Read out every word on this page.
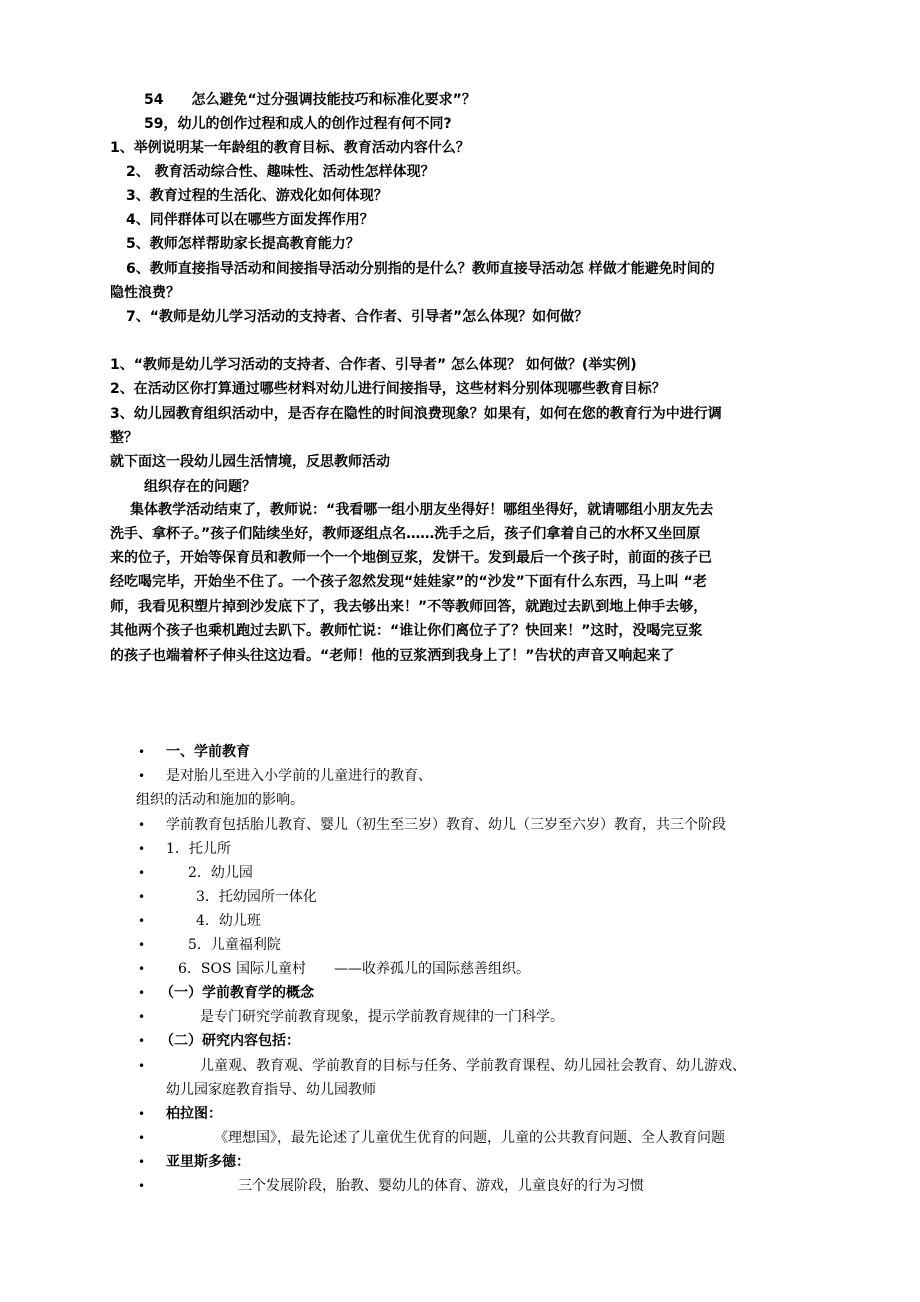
54　　怎么避免“过分强调技能技巧和标准化要求”？
59，幼儿的创作过程和成人的创作过程有何不同?
1、举例说明某一年龄组的教育目标、教育活动内容什么？
2、 教育活动综合性、趣味性、活动性怎样体现？
3、教育过程的生活化、游戏化如何体现？
4、同伴群体可以在哪些方面发挥作用？
5、教师怎样帮助家长提高教育能力？
6、教师直接指导活动和间接指导活动分别指的是什么？教师直接导活动怎 样做才能避免时间的
隐性浪费？
7、“教师是幼儿学习活动的支持者、合作者、引导者”怎么体现？如何做？
1、“教师是幼儿学习活动的支持者、合作者、引导者” 怎么体现？ 如何做？(举实例)
2、在活动区你打算通过哪些材料对幼儿进行间接指导，这些材料分别体现哪些教育目标？
3、幼儿园教育组织活动中，是否存在隐性的时间浪费现象？如果有，如何在您的教育行为中进行调
整？
就下面这一段幼儿园生活情境，反思教师活动
组织存在的问题？
集体教学活动结束了，教师说：“我看哪一组小朋友坐得好！哪组坐得好，就请哪组小朋友先去
洗手、拿杯子。”孩子们陆续坐好，教师逐组点名……洗手之后，孩子们拿着自己的水杯又坐回原
来的位子，开始等保育员和教师一个一个地倒豆浆，发饼干。发到最后一个孩子时，前面的孩子已
经吃喝完毕，开始坐不住了。一个孩子忽然发现“娃娃家”的“沙发”下面有什么东西，马上叫 “老
师，我看见积塑片掉到沙发底下了，我去够出来！”不等教师回答，就跑过去趴到地上伸手去够，
其他两个孩子也乘机跑过去趴下。教师忙说：“谁让你们离位子了？快回来！”这时，没喝完豆浆
的孩子也端着杯子伸头往这边看。“老师！他的豆浆洒到我身上了！”告状的声音又响起来了
• 一、学前教育
• 是对胎儿至进入小学前的儿童进行的教育、
组织的活动和施加的影响。
• 学前教育包括胎儿教育、婴儿（初生至三岁）教育、幼儿（三岁至六岁）教育，共三个阶段
• 1．托儿所
•	2．幼儿园
•	3．托幼园所一体化
•	4．幼儿班
•	5．儿童福利院
• 6．SOS 国际儿童村　　——收养孤儿的国际慈善组织。
• （一）学前教育学的概念
•	是专门研究学前教育现象，提示学前教育规律的一门科学。
• （二）研究内容包括：
•	儿童观、教育观、学前教育的目标与任务、学前教育课程、幼儿园社会教育、幼儿游戏、
幼儿园家庭教育指导、幼儿园教师
• 柏拉图：
•	《理想国》，最先论述了儿童优生优育的问题，儿童的公共教育问题、全人教育问题
• 亚里斯多德：
•	三个发展阶段，胎教、婴幼儿的体育、游戏，儿童良好的行为习惯
